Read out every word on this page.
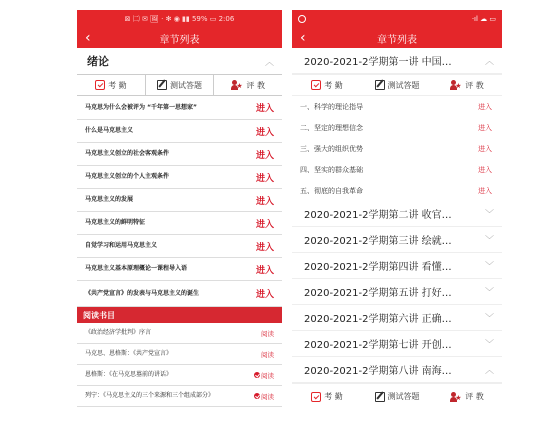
⊠ ㈡ ✉ 🖼 · ✻ ◉ ▮▮ 59% ▭ 2:06
‹	章节列表
绪论	︿
考 勤	测试答题 ★	评 教
马克思为什么会被评为 “千年第一思想家”	进入
什么是马克思主义	进入
马克思主义创立的社会客观条件	进入
马克思主义创立的个人主观条件	进入
马克思主义的发展	进入
马克思主义的鲜明特征	进入
自觉学习和运用马克思主义	进入
马克思主义基本原理概论一课程导入语	进入
《共产党宣言》的发表与马克思主义的诞生	进入
阅读书目
《政治经济学批判》序言	阅读
马克思、恩格斯：《共产党宣言》	阅读
恩格斯：《在马克思墓前的讲话》	阅读
列宁：《马克思主义的三个来源和三个组成部分》	阅读
‧ıl ☁ ▭
‹	章节列表
2020-2021-2学期第一讲 中国…	︿
考 勤	测试答题 ★	评 教
一、科学的理论指导	进入
二、坚定的理想信念	进入
三、强大的组织优势	进入
四、坚实的群众基础	进入
五、彻底的自我革命	进入
2020-2021-2学期第二讲 收官…	﹀
2020-2021-2学期第三讲 绘就…	﹀
2020-2021-2学期第四讲 看懂…	﹀
2020-2021-2学期第五讲 打好…	﹀
2020-2021-2学期第六讲 正确…	﹀
2020-2021-2学期第七讲 开创…	﹀
2020-2021-2学期第八讲 南海…	︿
考 勤	测试答题 ★	评 教
